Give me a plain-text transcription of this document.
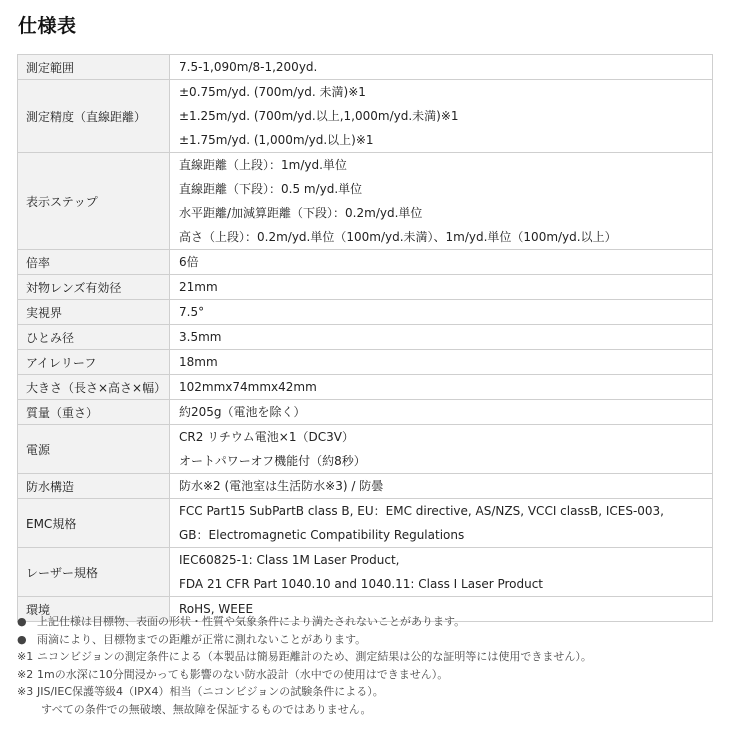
仕様表
測定範囲	7.5-1,090m/8-1,200yd.

測定精度（直線距離）	±0.75m/yd. (700m/yd. 未満)※1
±1.25m/yd. (700m/yd.以上,1,000m/yd.未満)※1
±1.75m/yd. (1,000m/yd.以上)※1

表示ステップ	直線距離（上段）：1m/yd.単位
直線距離（下段）：0.5 m/yd.単位
水平距離/加減算距離（下段）：0.2m/yd.単位
高さ（上段）：0.2m/yd.単位（100m/yd.未満）、1m/yd.単位（100m/yd.以上）

倍率	6倍

対物レンズ有効径	21mm

実視界	7.5°

ひとみ径	3.5mm

アイレリーフ	18mm

大きさ（長さ×高さ×幅）	102mmx74mmx42mm

質量（重さ）	約205g（電池を除く）

電源	CR2 リチウム電池×1（DC3V）
オートパワーオフ機能付（約8秒）

防水構造	防水※2 (電池室は生活防水※3) / 防曇

EMC規格	FCC Part15 SubPartB class B, EU：EMC directive, AS/NZS, VCCI classB, ICES-003,
GB：Electromagnetic Compatibility Regulations

レーザー規格	IEC60825-1: Class 1M Laser Product,
FDA 21 CFR Part 1040.10 and 1040.11: Class I Laser Product

環境	RoHS, WEEE
● 上記仕様は目標物、表面の形状・性質や気象条件により満たされないことがあります。
● 雨滴により、目標物までの距離が正常に測れないことがあります。
※1 ニコンビジョンの測定条件による（本製品は簡易距離計のため、測定結果は公的な証明等には使用できません）。
※2 1mの水深に10分間浸かっても影響のない防水設計（水中での使用はできません）。
※3 JIS/IEC保護等級4（IPX4）相当（ニコンビジョンの試験条件による）。
すべての条件での無破壊、無故障を保証するものではありません。
